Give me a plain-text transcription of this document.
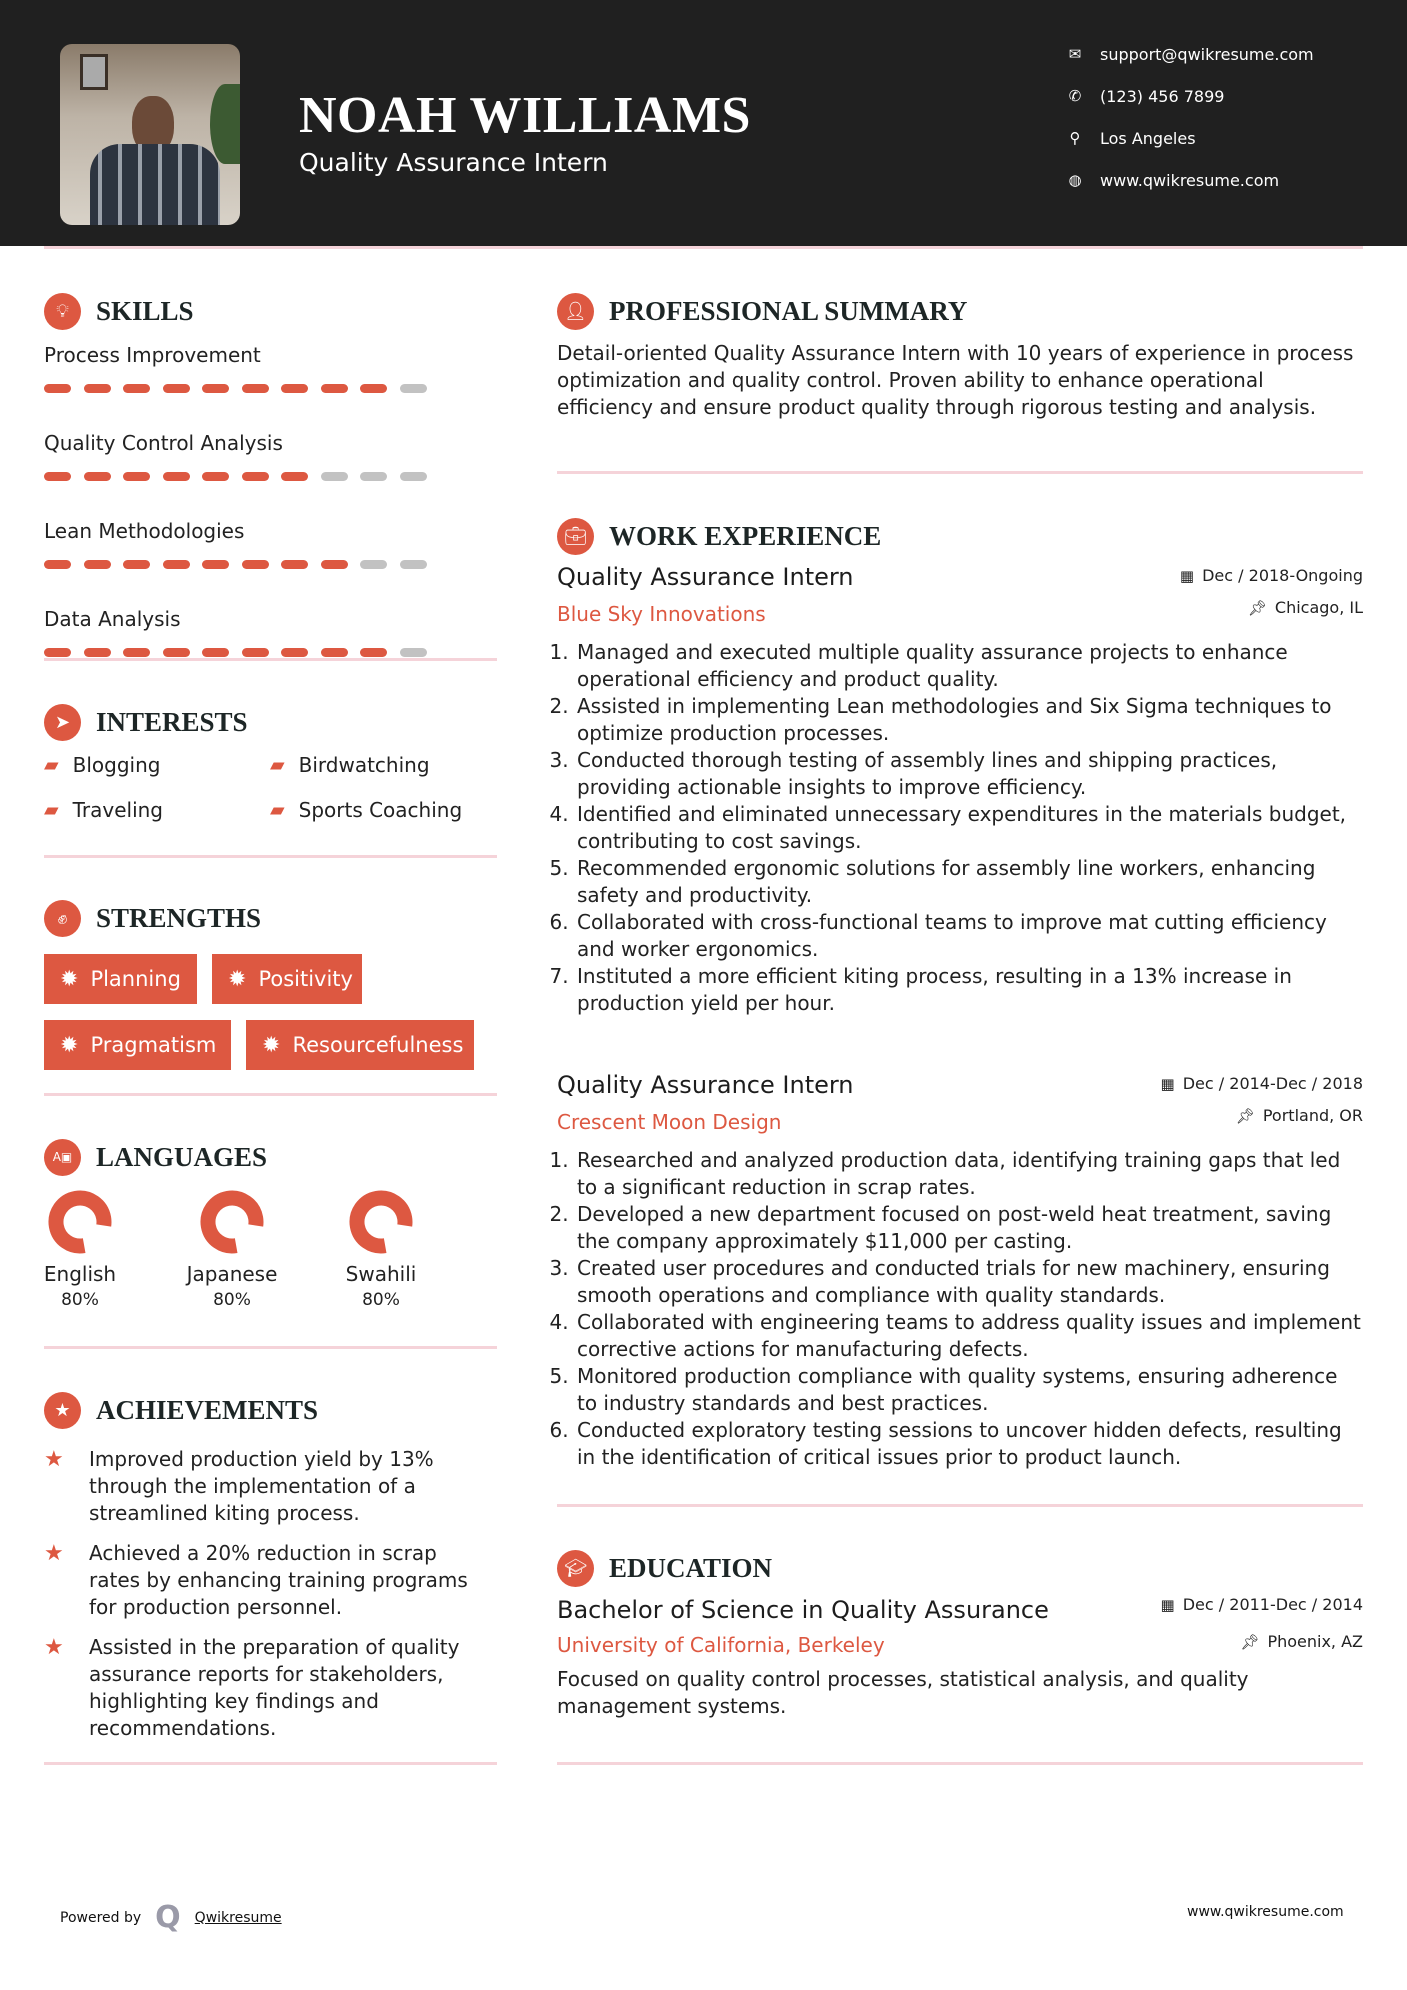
NOAH WILLIAMS
Quality Assurance Intern
✉ support@qwikresume.com
✆ (123) 456 7899
⚲	Los Angeles
◍ www.qwikresume.com
💡︎	SKILLS
Process Improvement
Quality Control Analysis
Lean Methodologies
Data Analysis
➤ INTERESTS
▰ Blogging	▰ Birdwatching
▰ Traveling	▰ Sports Coaching
✊︎	STRENGTHS
✹ Planning ✹ Positivity
✹ Pragmatism ✹ Resourcefulness
A▣ LANGUAGES
English
80%
Japanese
80%
Swahili
80%
★ ACHIEVEMENTS
★	Improved production yield by 13% through the implementation of a streamlined kiting process.
★	Achieved a 20% reduction in scrap rates by enhancing training programs for production personnel.
★	Assisted in the preparation of quality assurance reports for stakeholders, highlighting key findings and recommendations.
👤︎ PROFESSIONAL SUMMARY
Detail-oriented Quality Assurance Intern with 10 years of experience in process optimization and quality control. Proven ability to enhance operational efficiency and ensure product quality through rigorous testing and analysis.
💼︎ WORK EXPERIENCE
Quality Assurance Intern
Blue Sky Innovations
▦ Dec / 2018-Ongoing
📌︎ Chicago, IL
1. Managed and executed multiple quality assurance projects to enhance operational efficiency and product quality.
2. Assisted in implementing Lean methodologies and Six Sigma techniques to optimize production processes.
3. Conducted thorough testing of assembly lines and shipping practices, providing actionable insights to improve efficiency.
4. Identified and eliminated unnecessary expenditures in the materials budget, contributing to cost savings.
5. Recommended ergonomic solutions for assembly line workers, enhancing safety and productivity.
6. Collaborated with cross-functional teams to improve mat cutting efficiency and worker ergonomics.
7. Instituted a more efficient kiting process, resulting in a 13% increase in production yield per hour.
Quality Assurance Intern
Crescent Moon Design
▦ Dec / 2014-Dec / 2018
📌︎ Portland, OR
1. Researched and analyzed production data, identifying training gaps that led to a significant reduction in scrap rates.
2. Developed a new department focused on post-weld heat treatment, saving the company approximately $11,000 per casting.
3. Created user procedures and conducted trials for new machinery, ensuring smooth operations and compliance with quality standards.
4. Collaborated with engineering teams to address quality issues and implement corrective actions for manufacturing defects.
5. Monitored production compliance with quality systems, ensuring adherence to industry standards and best practices.
6. Conducted exploratory testing sessions to uncover hidden defects, resulting in the identification of critical issues prior to product launch.
🎓︎ EDUCATION
Bachelor of Science in Quality Assurance
University of California, Berkeley
▦ Dec / 2011-Dec / 2014
📌︎ Phoenix, AZ
Focused on quality control processes, statistical analysis, and quality management systems.
Powered by Q Qwikresume	www.qwikresume.com
